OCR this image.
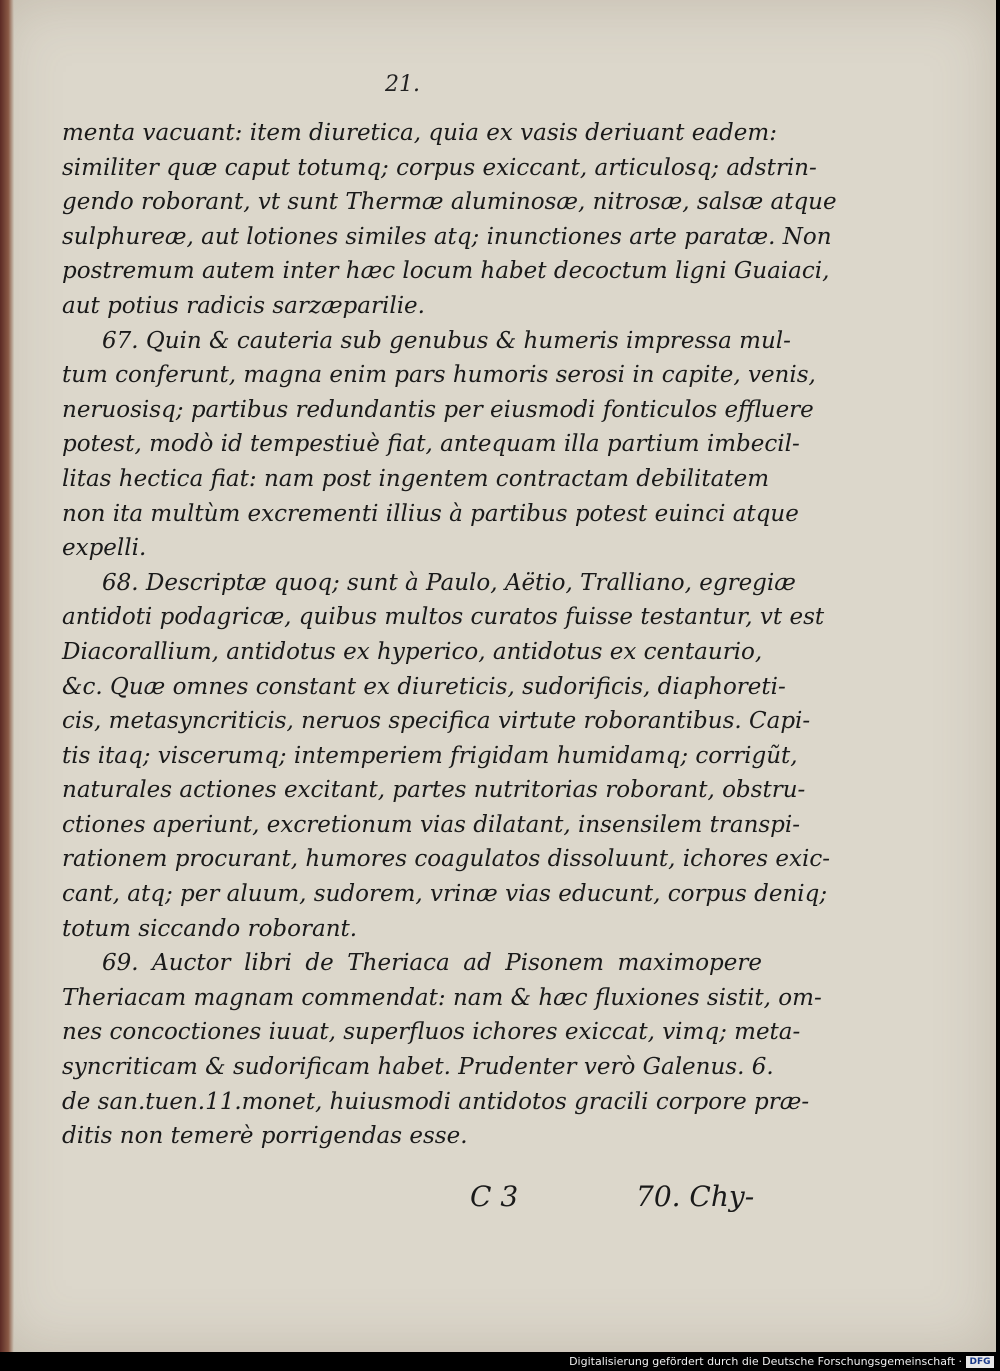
21.
menta vacuant: item diuretica, quia ex vasis deriuant eadem:
similiter quæ caput totumq; corpus exiccant, articulosq; adstrin-
gendo roborant, vt sunt Thermæ aluminosæ, nitrosæ, salsæ atque
sulphureæ, aut lotiones similes atq; inunctiones arte paratæ. Non
postremum autem inter hæc locum habet decoctum ligni Guaiaci,
aut potius radicis sarzæparilie.
67. Quin & cauteria sub genubus & humeris impressa mul-
tum conferunt, magna enim pars humoris serosi in capite, venis,
neruosisq; partibus redundantis per eiusmodi fonticulos effluere
potest, modò id tempestiuè fiat, antequam illa partium imbecil-
litas hectica fiat: nam post ingentem contractam debilitatem
non ita multùm excrementi illius à partibus potest euinci atque
expelli.
68. Descriptæ quoq; sunt à Paulo, Aëtio, Tralliano, egregiæ
antidoti podagricæ, quibus multos curatos fuisse testantur, vt est
Diacorallium, antidotus ex hyperico, antidotus ex centaurio,
&c. Quæ omnes constant ex diureticis, sudorificis, diaphoreti-
cis, metasyncriticis, neruos specifica virtute roborantibus. Capi-
tis itaq; viscerumq; intemperiem frigidam humidamq; corrigũt,
naturales actiones excitant, partes nutritorias roborant, obstru-
ctiones aperiunt, excretionum vias dilatant, insensilem transpi-
rationem procurant, humores coagulatos dissoluunt, ichores exic-
cant, atq; per aluum, sudorem, vrinæ vias educunt, corpus deniq;
totum siccando roborant.
69. Auctor libri de Theriaca ad Pisonem maximopere
Theriacam magnam commendat: nam & hæc fluxiones sistit, om-
nes concoctiones iuuat, superfluos ichores exiccat, vimq; meta-
syncriticam & sudorificam habet. Prudenter verò Galenus. 6.
de san.tuen.11.monet, huiusmodi antidotos gracili corpore præ-
ditis non temerè porrigendas esse.
C 3	70. Chy-
Digitalisierung gefördert durch die Deutsche Forschungsgemeinschaft · DFG
